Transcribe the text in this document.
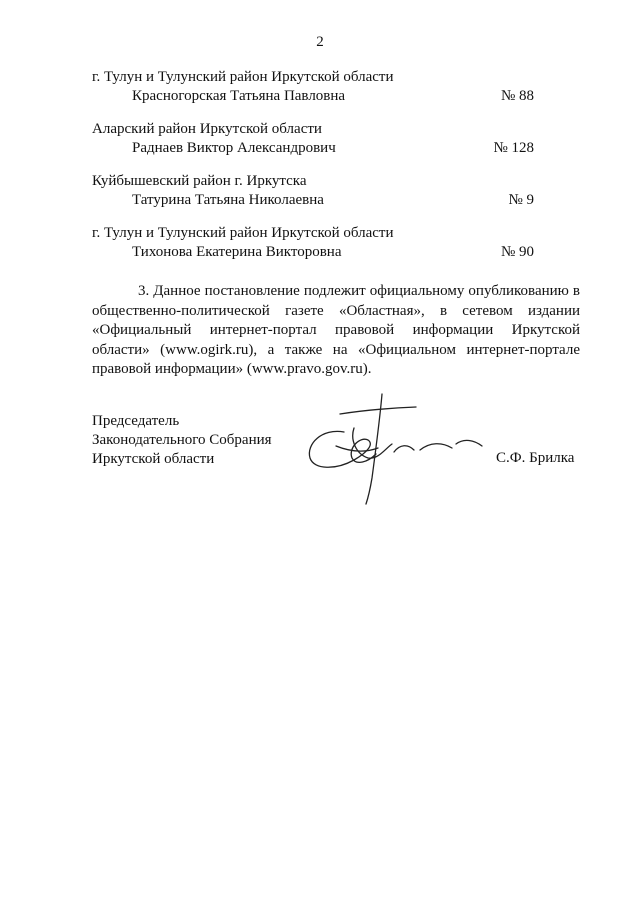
2
г. Тулун и Тулунский район Иркутской области
Красногорская Татьяна Павловна	№ 88
Аларский район Иркутской области
Раднаев Виктор Александрович	№ 128
Куйбышевский район г. Иркутска
Татурина Татьяна Николаевна	№ 9
г. Тулун и Тулунский район Иркутской области
Тихонова Екатерина Викторовна	№ 90
3. Данное постановление подлежит официальному опубликованию в общественно-политической газете «Областная», в сетевом издании «Официальный интернет-портал правовой информации Иркутской области» (www.ogirk.ru), а также на «Официальном интернет-портале правовой информации» (www.pravo.gov.ru).
Председатель
Законодательного Собрания
Иркутской области	С.Ф. Брилка
